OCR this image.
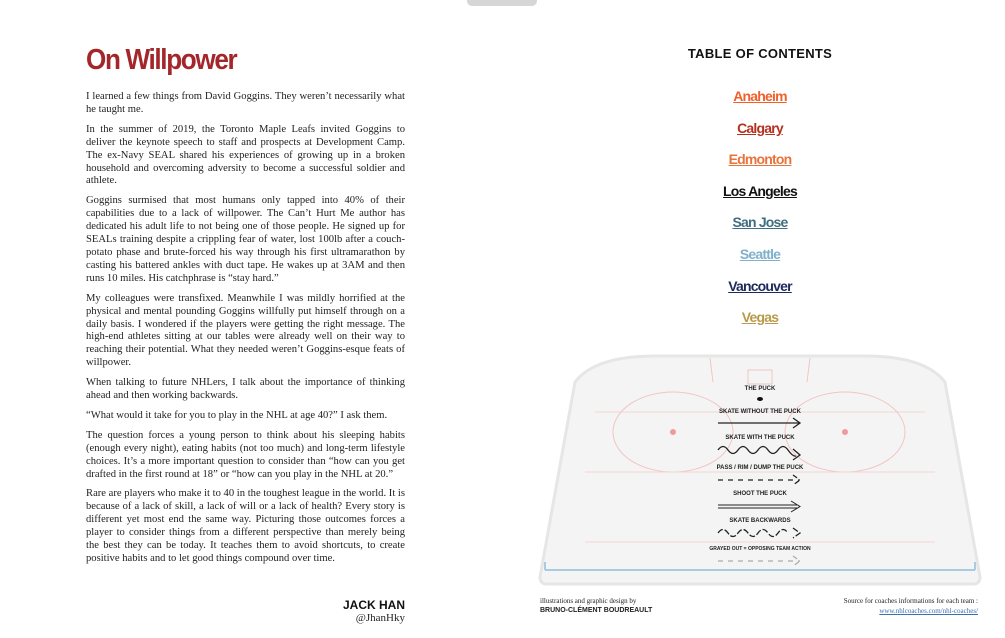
On Willpower

I learned a few things from David Goggins. They weren’t necessarily what he taught me.

In the summer of 2019, the Toronto Maple Leafs invited Goggins to deliver the keynote speech to staff and prospects at Development Camp. The ex-Navy SEAL shared his experiences of growing up in a broken household and overcoming adversity to become a successful soldier and athlete.

Goggins surmised that most humans only tapped into 40% of their capabilities due to a lack of willpower. The Can’t Hurt Me author has dedicated his adult life to not being one of those people. He signed up for SEALs training despite a crippling fear of water, lost 100lb after a couch-potato phase and brute-forced his way through his first ultramarathon by casting his battered ankles with duct tape. He wakes up at 3AM and then runs 10 miles. His catchphrase is “stay hard.”

My colleagues were transfixed. Meanwhile I was mildly horrified at the physical and mental pounding Goggins willfully put himself through on a daily basis. I wondered if the players were getting the right message. The high-end athletes sitting at our tables were already well on their way to reaching their potential. What they needed weren’t Goggins-esque feats of willpower.

When talking to future NHLers, I talk about the importance of thinking ahead and then working backwards.

“What would it take for you to play in the NHL at age 40?” I ask them.

The question forces a young person to think about his sleeping habits (enough every night), eating habits (not too much) and long-term lifestyle choices. It’s a more important question to consider than “how can you get drafted in the first round at 18” or “how can you play in the NHL at 20.”

Rare are players who make it to 40 in the toughest league in the world. It is because of a lack of skill, a lack of will or a lack of health? Every story is different yet most end the same way. Picturing those outcomes forces a player to consider things from a different perspective than merely being the best they can be today. It teaches them to avoid shortcuts, to create positive habits and to let good things compound over time.

JACK HAN
@JhanHky
TABLE OF CONTENTS
Anaheim
Calgary
Edmonton
Los Angeles
San Jose
Seattle
Vancouver
Vegas
THE PUCK
SKATE WITHOUT THE PUCK
SKATE WITH THE PUCK
PASS / RIM / DUMP THE PUCK
SHOOT THE PUCK
SKATE BACKWARDS
GRAYED OUT = OPPOSING TEAM ACTION
illustrations and graphic design by
BRUNO-CLÉMENT BOUDREAULT
Source for coaches informations for each team :
www.nhlcoaches.com/nhl-coaches/
